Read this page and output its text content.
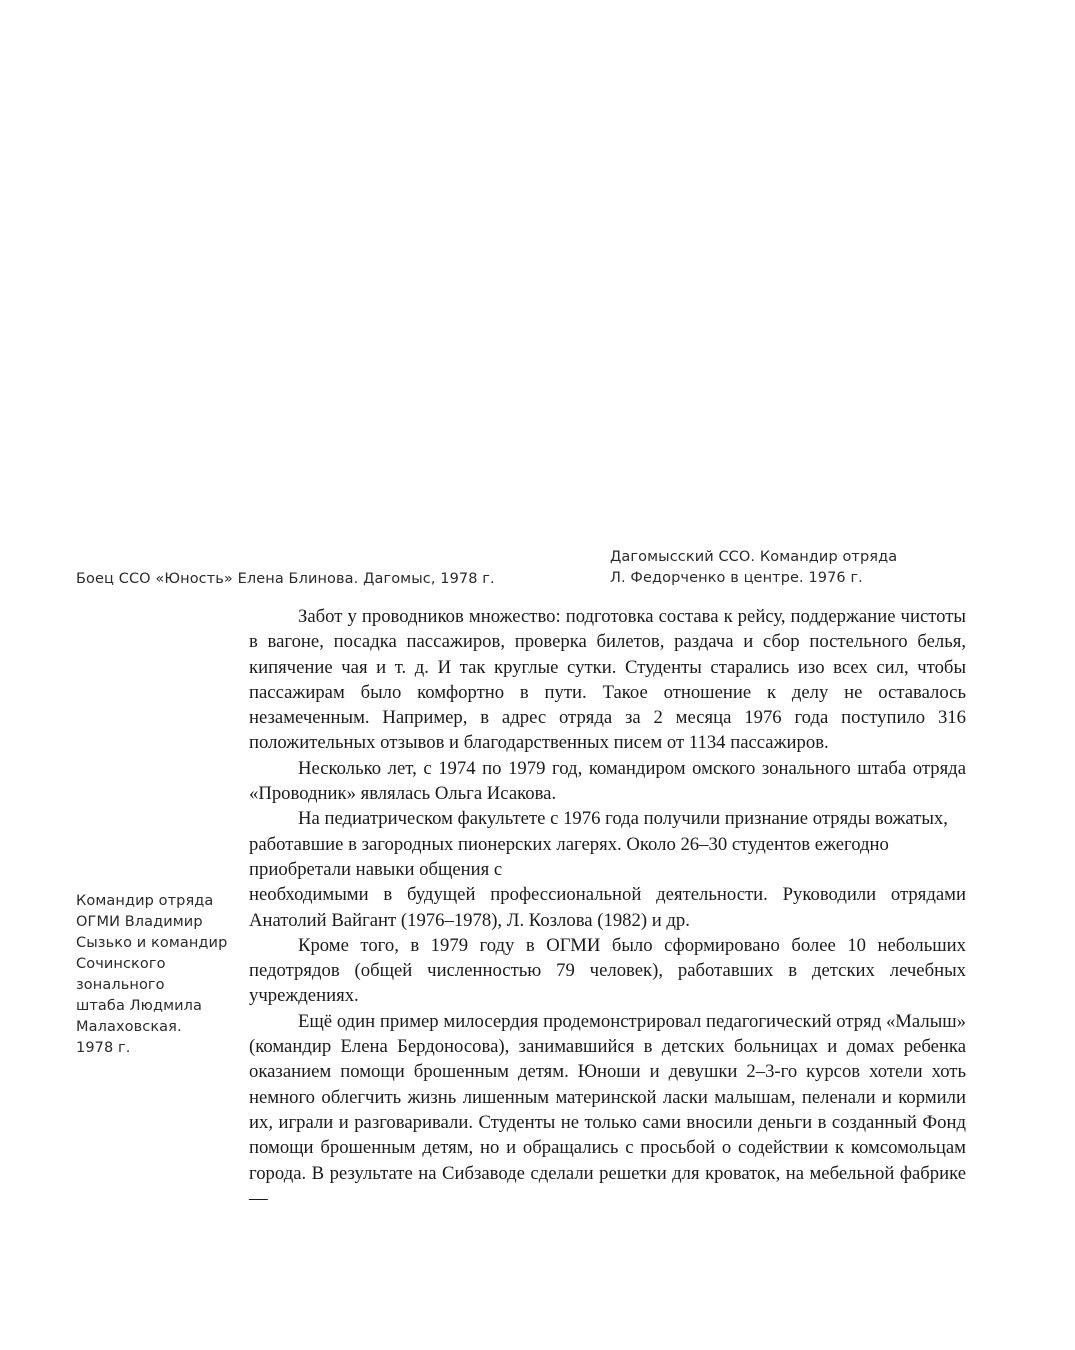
Боец ССО «Юность» Елена Блинова. Дагомыс, 1978 г.
Дагомысский ССО. Командир отряда
Л. Федорченко в центре. 1976 г.
Командир отряда
ОГМИ Владимир
Сызько и командир
Сочинского
зонального
штаба Людмила
Малаховская.
1978 г.

Забот у проводников множество: подготовка состава к рейсу, поддержание чистоты в вагоне, посадка пассажиров, проверка билетов, раздача и сбор постельного белья, кипячение чая и т. д. И так круглые сутки. Студенты старались изо всех сил, чтобы пассажирам было комфортно в пути. Такое отношение к делу не оставалось незамеченным. Например, в адрес отряда за 2 месяца 1976 года поступило 316 положительных отзывов и благодарственных писем от 1134 пассажиров.

Несколько лет, с 1974 по 1979 год, командиром омского зонального штаба отряда «Проводник» являлась Ольга Исакова.

На педиатрическом факультете с 1976 года получили признание отряды вожатых, работавшие в загородных пионерских лагерях. Около 26–30 студентов ежегодно приобретали навыки общения с

необходимыми в будущей профессиональной деятельности. Руководили отрядами Анатолий Вайгант (1976–1978), Л. Козлова (1982) и др.

Кроме того, в 1979 году в ОГМИ было сформировано более 10 небольших педотрядов (общей численностью 79 человек), работавших в детских лечебных учреждениях.

Ещё один пример милосердия продемонстрировал педагогический отряд «Малыш» (командир Елена Бердоносова), занимавшийся в детских больницах и домах ребенка оказанием помощи брошенным детям. Юноши и девушки 2–3-го курсов хотели хоть немного облегчить жизнь лишенным материнской ласки малышам, пеленали и кормили их, играли и разговаривали. Студенты не только сами вносили деньги в созданный Фонд помощи брошенным детям, но и обращались с просьбой о содействии к комсомольцам города. В результате на Сибзаводе сделали решетки для кроваток, на мебельной фабрике —
